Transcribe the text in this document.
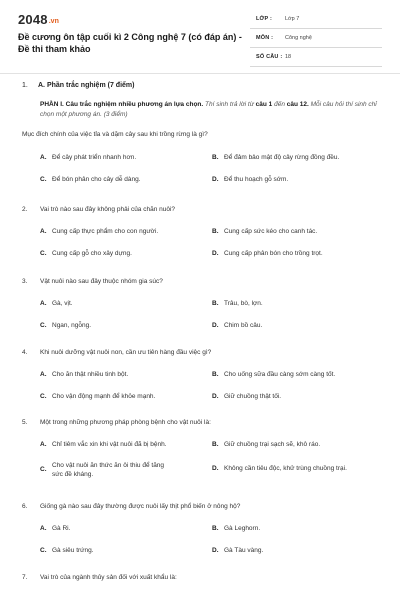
2048.vn
Đề cương ôn tập cuối kì 2 Công nghệ 7 (có đáp án) - Đề thi tham khảo
LỚP : Lớp 7
MÔN : Công nghệ
SỐ CÂU : 18
1. A. Phần trắc nghiệm (7 điểm)
PHẦN I. Câu trắc nghiệm nhiều phương án lựa chọn. Thí sinh trả lời từ câu 1 đến câu 12. Mỗi câu hỏi thí sinh chỉ chọn một phương án. (3 điểm)
Mục đích chính của việc tỉa và dặm cây sau khi trồng rừng là gì?
A. Để cây phát triển nhanh hơn.	B. Để đảm bảo mật độ cây rừng đồng đều.
C. Để bón phân cho cây dễ dàng.	D. Để thu hoạch gỗ sớm.
2. Vai trò nào sau đây không phải của chăn nuôi?
A. Cung cấp thực phẩm cho con người.	B. Cung cấp sức kéo cho canh tác.
C. Cung cấp gỗ cho xây dựng.	D. Cung cấp phân bón cho trồng trọt.
3. Vật nuôi nào sau đây thuộc nhóm gia súc?
A. Gà, vịt.	B. Trâu, bò, lợn.
C. Ngan, ngỗng.	D. Chim bồ câu.
4. Khi nuôi dưỡng vật nuôi non, cần ưu tiên hàng đầu việc gì?
A. Cho ăn thật nhiều tinh bột.	B. Cho uống sữa đầu càng sớm càng tốt.
C. Cho vận động mạnh để khỏe mạnh.	D. Giữ chuồng thật tối.
5. Một trong những phương pháp phòng bệnh cho vật nuôi là:
A. Chỉ tiêm vắc xin khi vật nuôi đã bị bệnh.	B. Giữ chuồng trại sạch sẽ, khô ráo.
C.Cho vật nuôi ăn thức ăn ôi thiu để tăng sức đề kháng.
D. Không cần tiêu độc, khử trùng chuồng trại.
6. Giống gà nào sau đây thường được nuôi lấy thịt phổ biến ở nông hộ?
A. Gà Ri.	B. Gà Leghorn.
C. Gà siêu trứng.	D. Gà Tàu vàng.
7. Vai trò của ngành thủy sản đối với xuất khẩu là:
